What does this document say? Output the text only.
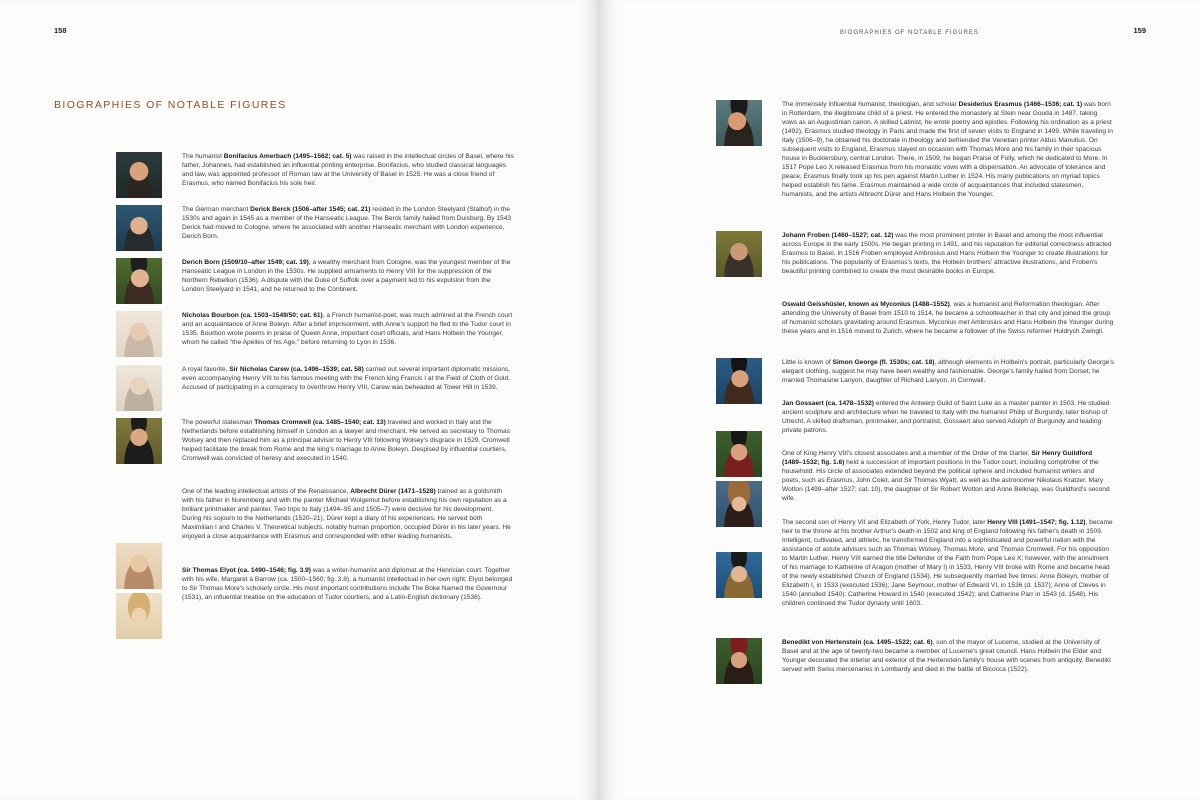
158
BIOGRAPHIES OF NOTABLE FIGURES

The humanist Bonifacius Amerbach (1495–1562; cat. 5) was raised in the intellectual circles of Basel, where his father, Johannes, had established an influential printing enterprise. Bonifacius, who studied classical languages and law, was appointed professor of Roman law at the University of Basel in 1525. He was a close friend of Erasmus, who named Bonifacius his sole heir.

The German merchant Derick Berck (1506–after 1545; cat. 21) resided in the London Steelyard (Stalhof) in the 1530s and again in 1545 as a member of the Hanseatic League. The Berck family hailed from Duisburg. By 1543 Derick had moved to Cologne, where he associated with another Hanseatic merchant with London experience, Derich Born.

Derich Born (1509/10–after 1549; cat. 19), a wealthy merchant from Cologne, was the youngest member of the Hanseatic League in London in the 1530s. He supplied armaments to Henry VIII for the suppression of the Northern Rebellion (1536). A dispute with the Duke of Suffolk over a payment led to his expulsion from the London Steelyard in 1541, and he returned to the Continent.

Nicholas Bourbon (ca. 1503–1549/50; cat. 61), a French humanist-poet, was much admired at the French court and an acquaintance of Anne Boleyn. After a brief imprisonment, with Anne's support he fled to the Tudor court in 1535. Bourbon wrote poems in praise of Queen Anne, important court officials, and Hans Holbein the Younger, whom he called "the Apelles of his Age," before returning to Lyon in 1536.

A royal favorite, Sir Nicholas Carew (ca. 1496–1539; cat. 58) carried out several important diplomatic missions, even accompanying Henry VIII to his famous meeting with the French king Francis I at the Field of Cloth of Gold. Accused of participating in a conspiracy to overthrow Henry VIII, Carew was beheaded at Tower Hill in 1539.

The powerful statesman Thomas Cromwell (ca. 1485–1540; cat. 13) traveled and worked in Italy and the Netherlands before establishing himself in London as a lawyer and merchant. He served as secretary to Thomas Wolsey and then replaced him as a principal advisor to Henry VIII following Wolsey's disgrace in 1529. Cromwell helped facilitate the break from Rome and the king's marriage to Anne Boleyn. Despised by influential courtiers, Cromwell was convicted of heresy and executed in 1540.

One of the leading intellectual artists of the Renaissance, Albrecht Dürer (1471–1528) trained as a goldsmith with his father in Nuremberg and with the painter Michael Wolgemut before establishing his own reputation as a brilliant printmaker and painter. Two trips to Italy (1494–95 and 1505–7) were decisive for his development. During his sojourn to the Netherlands (1520–21), Dürer kept a diary of his experiences. He served both Maximilian I and Charles V. Theoretical subjects, notably human proportion, occupied Dürer in his later years. He enjoyed a close acquaintance with Erasmus and corresponded with other leading humanists.

Sir Thomas Elyot (ca. 1490–1546; fig. 3.9) was a writer-humanist and diplomat at the Henrician court. Together with his wife, Margaret à Barrow (ca. 1500–1560; fig. 3.8), a humanist intellectual in her own right, Elyot belonged to Sir Thomas More's scholarly circle. His most important contributions include The Boke Named the Governour (1531), an influential treatise on the education of Tudor courtiers, and a Latin-English dictionary (1538).

BIOGRAPHIES OF NOTABLE FIGURES	159

The immensely influential humanist, theologian, and scholar Desiderius Erasmus (1466–1536; cat. 1) was born in Rotterdam, the illegitimate child of a priest. He entered the monastery at Stein near Gouda in 1487, taking vows as an Augustinian canon. A skilled Latinist, he wrote poetry and epistles. Following his ordination as a priest (1492), Erasmus studied theology in Paris and made the first of seven visits to England in 1499. While traveling in Italy (1506–9), he obtained his doctorate in theology and befriended the Venetian printer Aldus Manutius. On subsequent visits to England, Erasmus stayed on occasion with Thomas More and his family in their spacious house in Bucklersbury, central London. There, in 1509, he began Praise of Folly, which he dedicated to More. In 1517 Pope Leo X released Erasmus from his monastic vows with a dispensation. An advocate of tolerance and peace, Erasmus finally took up his pen against Martin Luther in 1524. His many publications on myriad topics helped establish his fame. Erasmus maintained a wide circle of acquaintances that included statesmen, humanists, and the artists Albrecht Dürer and Hans Holbein the Younger.

Johann Froben (1460–1527; cat. 12) was the most prominent printer in Basel and among the most influential across Europe in the early 1500s. He began printing in 1491, and his reputation for editorial correctness attracted Erasmus to Basel. In 1516 Froben employed Ambrosius and Hans Holbein the Younger to create illustrations for his publications. The popularity of Erasmus's texts, the Holbein brothers' attractive illustrations, and Froben's beautiful printing combined to create the most desirable books in Europe.

Oswald Geisshüsler, known as Myconius (1488–1552), was a humanist and Reformation theologian. After attending the University of Basel from 1510 to 1514, he became a schoolteacher in that city and joined the group of humanist scholars gravitating around Erasmus. Myconius met Ambrosius and Hans Holbein the Younger during these years and in 1516 moved to Zurich, where he became a follower of the Swiss reformer Huldrych Zwingli.

Little is known of Simon George (fl. 1530s; cat. 18), although elements in Holbein's portrait, particularly George's elegant clothing, suggest he may have been wealthy and fashionable. George's family hailed from Dorset; he married Thomasine Lanyon, daughter of Richard Lanyon, in Cornwall.

Jan Gossaert (ca. 1478–1532) entered the Antwerp Guild of Saint Luke as a master painter in 1503. He studied ancient sculpture and architecture when he traveled to Italy with the humanist Philip of Burgundy, later bishop of Utrecht. A skilled draftsman, printmaker, and portraitist, Gossaert also served Adolph of Burgundy and leading private patrons.

One of King Henry VIII's closest associates and a member of the Order of the Garter, Sir Henry Guildford (1489–1532; fig. 1.6) held a succession of important positions in the Tudor court, including comptroller of the household. His circle of associates extended beyond the political sphere and included humanist writers and poets, such as Erasmus, John Colet, and Sir Thomas Wyatt, as well as the astronomer Nikolaus Kratzer. Mary Wotton (1499–after 1527; cat. 10), the daughter of Sir Robert Wotton and Anne Belknap, was Guildford's second wife.

The second son of Henry VII and Elizabeth of York, Henry Tudor, later Henry VIII (1491–1547; fig. 1.12), became heir to the throne at his brother Arthur's death in 1502 and king of England following his father's death in 1509. Intelligent, cultivated, and athletic, he transformed England into a sophisticated and powerful nation with the assistance of astute advisors such as Thomas Wolsey, Thomas More, and Thomas Cromwell. For his opposition to Martin Luther, Henry VIII earned the title Defender of the Faith from Pope Leo X; however, with the annulment of his marriage to Katherine of Aragon (mother of Mary I) in 1533, Henry VIII broke with Rome and became head of the newly established Church of England (1534). He subsequently married five times: Anne Boleyn, mother of Elizabeth I, in 1533 (executed 1536); Jane Seymour, mother of Edward VI, in 1536 (d. 1537); Anne of Cleves in 1540 (annulled 1540); Catherine Howard in 1540 (executed 1542); and Catherine Parr in 1543 (d. 1548). His children continued the Tudor dynasty until 1603.

Benedikt von Hertenstein (ca. 1495–1522; cat. 6), son of the mayor of Lucerne, studied at the University of Basel and at the age of twenty-two became a member of Lucerne's great council. Hans Holbein the Elder and Younger decorated the interior and exterior of the Hertenstein family's house with scenes from antiquity. Benedikt served with Swiss mercenaries in Lombardy and died in the battle of Bicocca (1522).
